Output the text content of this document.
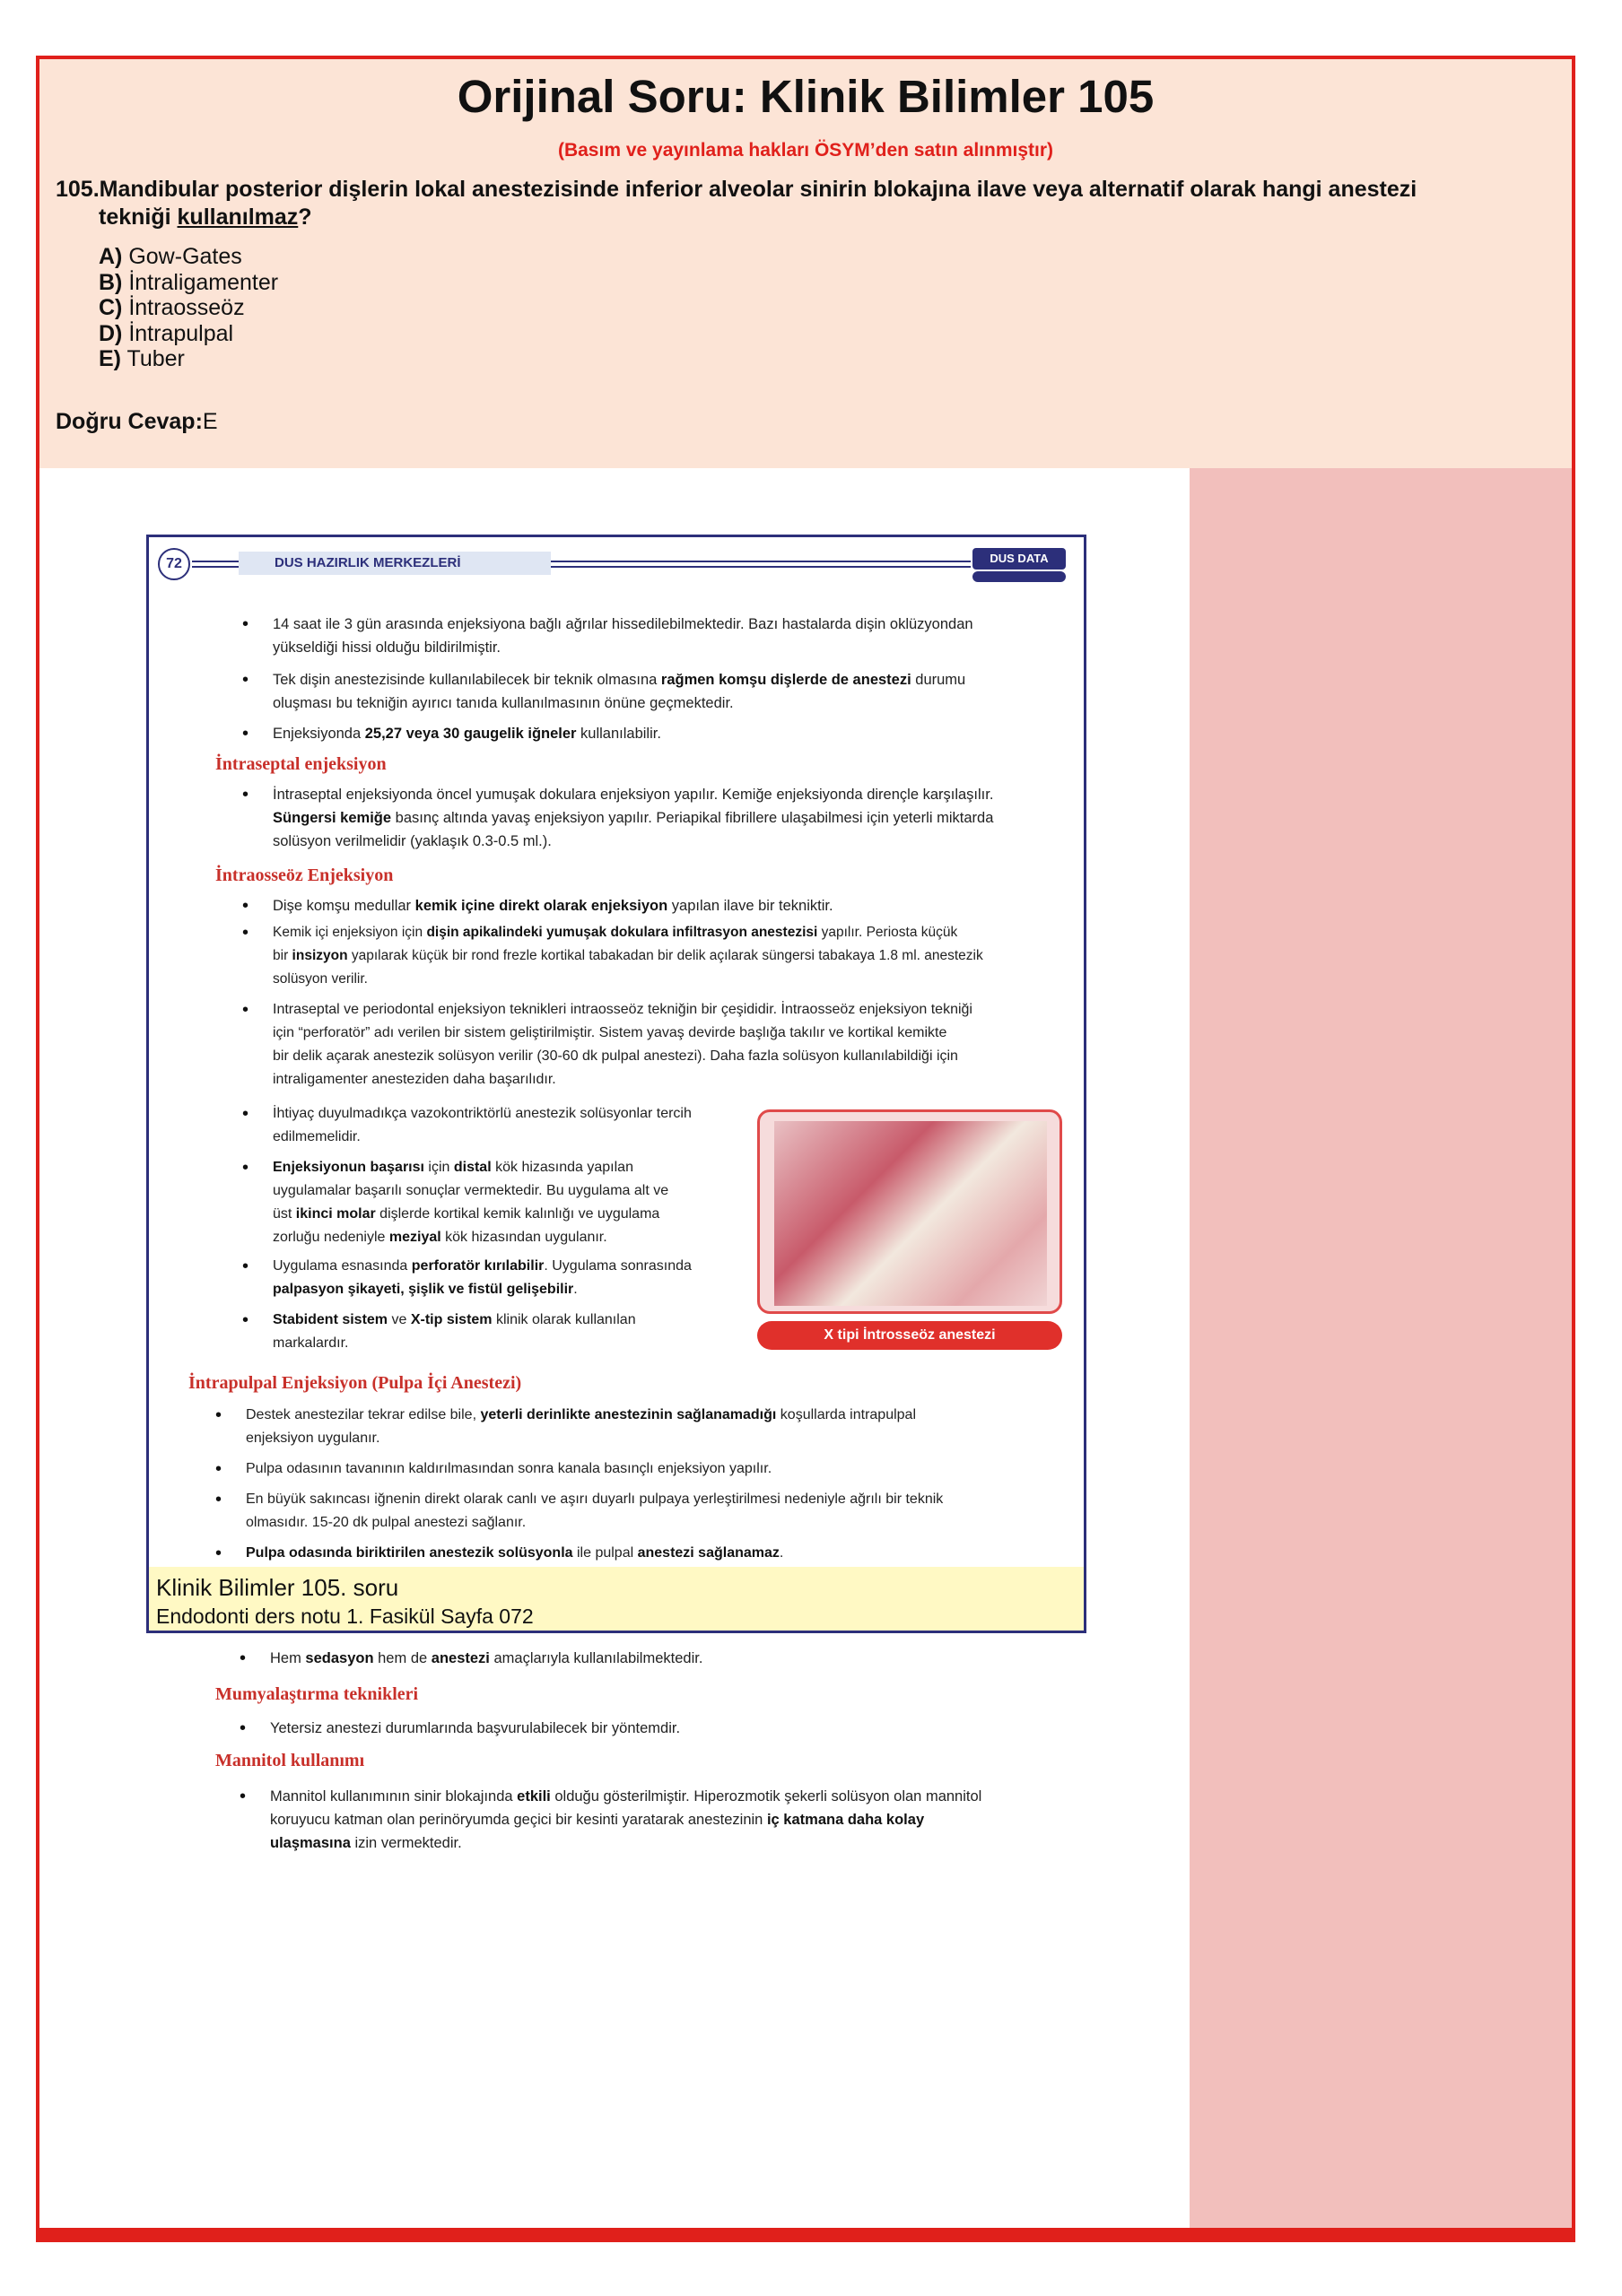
Orijinal Soru: Klinik Bilimler 105
(Basım ve yayınlama hakları ÖSYM’den satın alınmıştır)
105.Mandibular posterior dişlerin lokal anestezisinde inferior alveolar sinirin blokajına ilave veya alternatif olarak hangi anestezi
tekniği kullanılmaz?
A) Gow-Gates
B) İntraligamenter
C) İntraosseöz
D) İntrapulpal
E) Tuber
Doğru Cevap:E
DUS HAZIRLIK MERKEZLERİ
72	DUS DATA
• 14 saat ile 3 gün arasında enjeksiyona bağlı ağrılar hissedilebilmektedir. Bazı hastalarda dişin oklüzyondan
yükseldiği hissi olduğu bildirilmiştir.
• Tek dişin anestezisinde kullanılabilecek bir teknik olmasına rağmen komşu dişlerde de anestezi durumu
oluşması bu tekniğin ayırıcı tanıda kullanılmasının önüne geçmektedir.
• Enjeksiyonda 25,27 veya 30 gaugelik iğneler kullanılabilir.
İntraseptal enjeksiyon
• İntraseptal enjeksiyonda öncel yumuşak dokulara enjeksiyon yapılır. Kemiğe enjeksiyonda dirençle karşılaşılır.
Süngersi kemiğe basınç altında yavaş enjeksiyon yapılır. Periapikal fibrillere ulaşabilmesi için yeterli miktarda
solüsyon verilmelidir (yaklaşık 0.3-0.5 ml.).
İntraosseöz Enjeksiyon
• Dişe komşu medullar kemik içine direkt olarak enjeksiyon yapılan ilave bir tekniktir.
• Kemik içi enjeksiyon için dişin apikalindeki yumuşak dokulara infiltrasyon anestezisi yapılır. Periosta küçük
bir insizyon yapılarak küçük bir rond frezle kortikal tabakadan bir delik açılarak süngersi tabakaya 1.8 ml. anestezik
solüsyon verilir.
• Intraseptal ve periodontal enjeksiyon teknikleri intraosseöz tekniğin bir çeşididir. İntraosseöz enjeksiyon tekniği
için “perforatör” adı verilen bir sistem geliştirilmiştir. Sistem yavaş devirde başlığa takılır ve kortikal kemikte
bir delik açarak anestezik solüsyon verilir (30-60 dk pulpal anestezi). Daha fazla solüsyon kullanılabildiği için
intraligamenter anesteziden daha başarılıdır.
• İhtiyaç duyulmadıkça vazokontriktörlü anestezik solüsyonlar tercih
edilmemelidir.
• Enjeksiyonun başarısı için distal kök hizasında yapılan
uygulamalar başarılı sonuçlar vermektedir. Bu uygulama alt ve
üst ikinci molar dişlerde kortikal kemik kalınlığı ve uygulama
zorluğu nedeniyle meziyal kök hizasından uygulanır.
• Uygulama esnasında perforatör kırılabilir. Uygulama sonrasında
palpasyon şikayeti, şişlik ve fistül gelişebilir.
• Stabident sistem ve X-tip sistem klinik olarak kullanılan
markalardır.
X tipi İntrosseöz anestezi
İntrapulpal Enjeksiyon (Pulpa İçi Anestezi)
• Destek anestezilar tekrar edilse bile, yeterli derinlikte anestezinin sağlanamadığı koşullarda intrapulpal
enjeksiyon uygulanır.
• Pulpa odasının tavanının kaldırılmasından sonra kanala basınçlı enjeksiyon yapılır.
• En büyük sakıncası iğnenin direkt olarak canlı ve aşırı duyarlı pulpaya yerleştirilmesi nedeniyle ağrılı bir teknik
olmasıdır. 15-20 dk pulpal anestezi sağlanır.
• Pulpa odasında biriktirilen anestezik solüsyonla ile pulpal anestezi sağlanamaz.
Klinik Bilimler 105. soru
Endodonti ders notu 1. Fasikül Sayfa 072
• Hem sedasyon hem de anestezi amaçlarıyla kullanılabilmektedir.
Mumyalaştırma teknikleri
• Yetersiz anestezi durumlarında başvurulabilecek bir yöntemdir.
Mannitol kullanımı
• Mannitol kullanımının sinir blokajında etkili olduğu gösterilmiştir. Hiperozmotik şekerli solüsyon olan mannitol
koruyucu katman olan perinöryumda geçici bir kesinti yaratarak anestezinin iç katmana daha kolay
ulaşmasına izin vermektedir.
